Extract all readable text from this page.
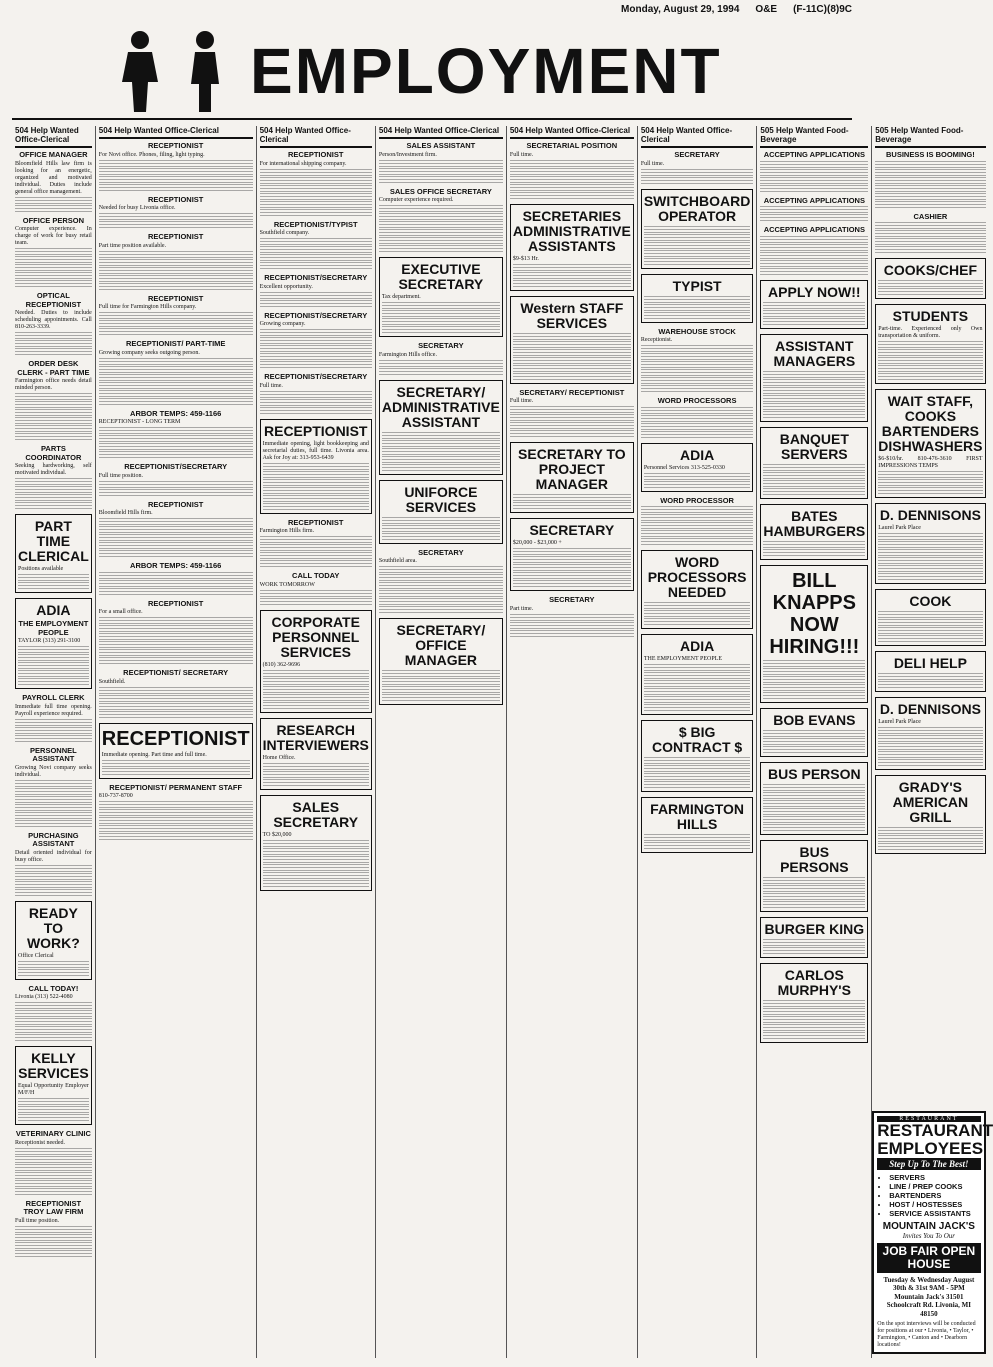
Monday, August 29, 1994 O&E (F-11C)(8)9C
EMPLOYMENT
504 Help Wanted Office-Clerical
OFFICE MANAGER

Bloomfield Hills law firm is looking for an energetic, organized and motivated individual. Duties include general office management.

OFFICE PERSON

Computer experience. In charge of work for busy retail team.

OPTICAL RECEPTIONIST

Needed. Duties to include scheduling appointments. Call 810-263-3339.

ORDER DESK CLERK - PART TIME

Farmington office needs detail minded person.

PARTS COORDINATOR

Seeking hardworking, self motivated individual.

PART TIME CLERICAL

Positions available

ADIA
THE EMPLOYMENT PEOPLE

TAYLOR (313) 291-3100

PAYROLL CLERK

Immediate full time opening. Payroll experience required.

PERSONNEL ASSISTANT

Growing Novi company seeks individual.

PURCHASING ASSISTANT

Detail oriented individual for busy office.

READY TO WORK?

Office Clerical

CALL TODAY!

Livonia (313) 522-4080

KELLY SERVICES

Equal Opportunity Employer M/F/H

VETERINARY CLINIC

Receptionist needed.

RECEPTIONIST TROY LAW FIRM

Full time position.

504 Help Wanted Office-Clerical
RECEPTIONIST

For Novi office. Phones, filing, light typing.

RECEPTIONIST

Needed for busy Livonia office.

RECEPTIONIST

Part time position available.

RECEPTIONIST

Full time for Farmington Hills company.

RECEPTIONIST/ PART-TIME

Growing company seeks outgoing person.

ARBOR TEMPS: 459-1166

RECEPTIONIST - LONG TERM

RECEPTIONIST/SECRETARY

Full time position.

RECEPTIONIST

Bloomfield Hills firm.

ARBOR TEMPS: 459-1166
RECEPTIONIST

For a small office.

RECEPTIONIST/ SECRETARY

Southfield.

RECEPTIONIST

Immediate opening. Part time and full time.

RECEPTIONIST/ PERMANENT STAFF

810-737-8700

504 Help Wanted Office-Clerical
RECEPTIONIST

For international shipping company.

RECEPTIONIST/TYPIST

Southfield company.

RECEPTIONIST/SECRETARY

Excellent opportunity.

RECEPTIONIST/SECRETARY

Growing company.

RECEPTIONIST/SECRETARY

Full time.

RECEPTIONIST

Immediate opening, light bookkeeping and secretarial duties, full time. Livonia area. Ask for Joy at: 313-953-6439

RECEPTIONIST

Farmington Hills firm.

CALL TODAY

WORK TOMORROW

CORPORATE PERSONNEL SERVICES

(810) 362-9696

RESEARCH INTERVIEWERS

Home Office.

SALES SECRETARY

TO $20,000

504 Help Wanted Office-Clerical
SALES ASSISTANT

Person/Investment firm.

SALES OFFICE SECRETARY

Computer experience required.

EXECUTIVE SECRETARY

Tax department.

SECRETARY

Farmington Hills office.

SECRETARY/ ADMINISTRATIVE ASSISTANT
UNIFORCE SERVICES
SECRETARY

Southfield area.

SECRETARY/ OFFICE MANAGER
504 Help Wanted Office-Clerical
SECRETARIAL POSITION

Full time.

SECRETARIES ADMINISTRATIVE ASSISTANTS

$9-$13 Hr.

Western STAFF SERVICES
SECRETARY/ RECEPTIONIST

Full time.

SECRETARY TO PROJECT MANAGER
SECRETARY

$20,000 - $23,000 +

SECRETARY

Part time.

504 Help Wanted Office-Clerical
SECRETARY

Full time.

SWITCHBOARD OPERATOR
TYPIST
WAREHOUSE STOCK

Receptionist.

WORD PROCESSORS
ADIA

Personnel Services 313-525-0330

WORD PROCESSOR
WORD PROCESSORS NEEDED
ADIA

THE EMPLOYMENT PEOPLE

$ BIG CONTRACT $
FARMINGTON HILLS
505 Help Wanted Food-Beverage
ACCEPTING APPLICATIONS
ACCEPTING APPLICATIONS
ACCEPTING APPLICATIONS
APPLY NOW!!
ASSISTANT MANAGERS
BANQUET SERVERS
BATES HAMBURGERS
BILL KNAPPS NOW HIRING!!!
BOB EVANS
BUS PERSON
BUS PERSONS
BURGER KING
CARLOS MURPHY'S
505 Help Wanted Food-Beverage
BUSINESS IS BOOMING!
CASHIER
COOKS/CHEF
STUDENTS

Part-time. Experienced only Own transportation & uniform.

WAIT STAFF, COOKS BARTENDERS DISHWASHERS

$6-$10/hr. 810-476-3610 FIRST IMPRESSIONS TEMPS

D. DENNISONS

Laurel Park Place

COOK
DELI HELP
D. DENNISONS

Laurel Park Place

GRADY'S AMERICAN GRILL
RESTAURANT
RESTAURANT EMPLOYEES
Step Up To The Best!
• SERVERS
• LINE / PREP COOKS
• BARTENDERS
• HOST / HOSTESSES
• SERVICE ASSISTANTS
MOUNTAIN JACK'S
Invites You To Our
JOB FAIR OPEN HOUSE
Tuesday & Wednesday August 30th & 31st 9AM - 5PM
Mountain Jack's 31501 Schoolcraft Rd. Livonia, MI 48150
On the spot interviews will be conducted for positions at our • Livonia, • Taylor, • Farmington, • Canton and • Dearborn locations!
